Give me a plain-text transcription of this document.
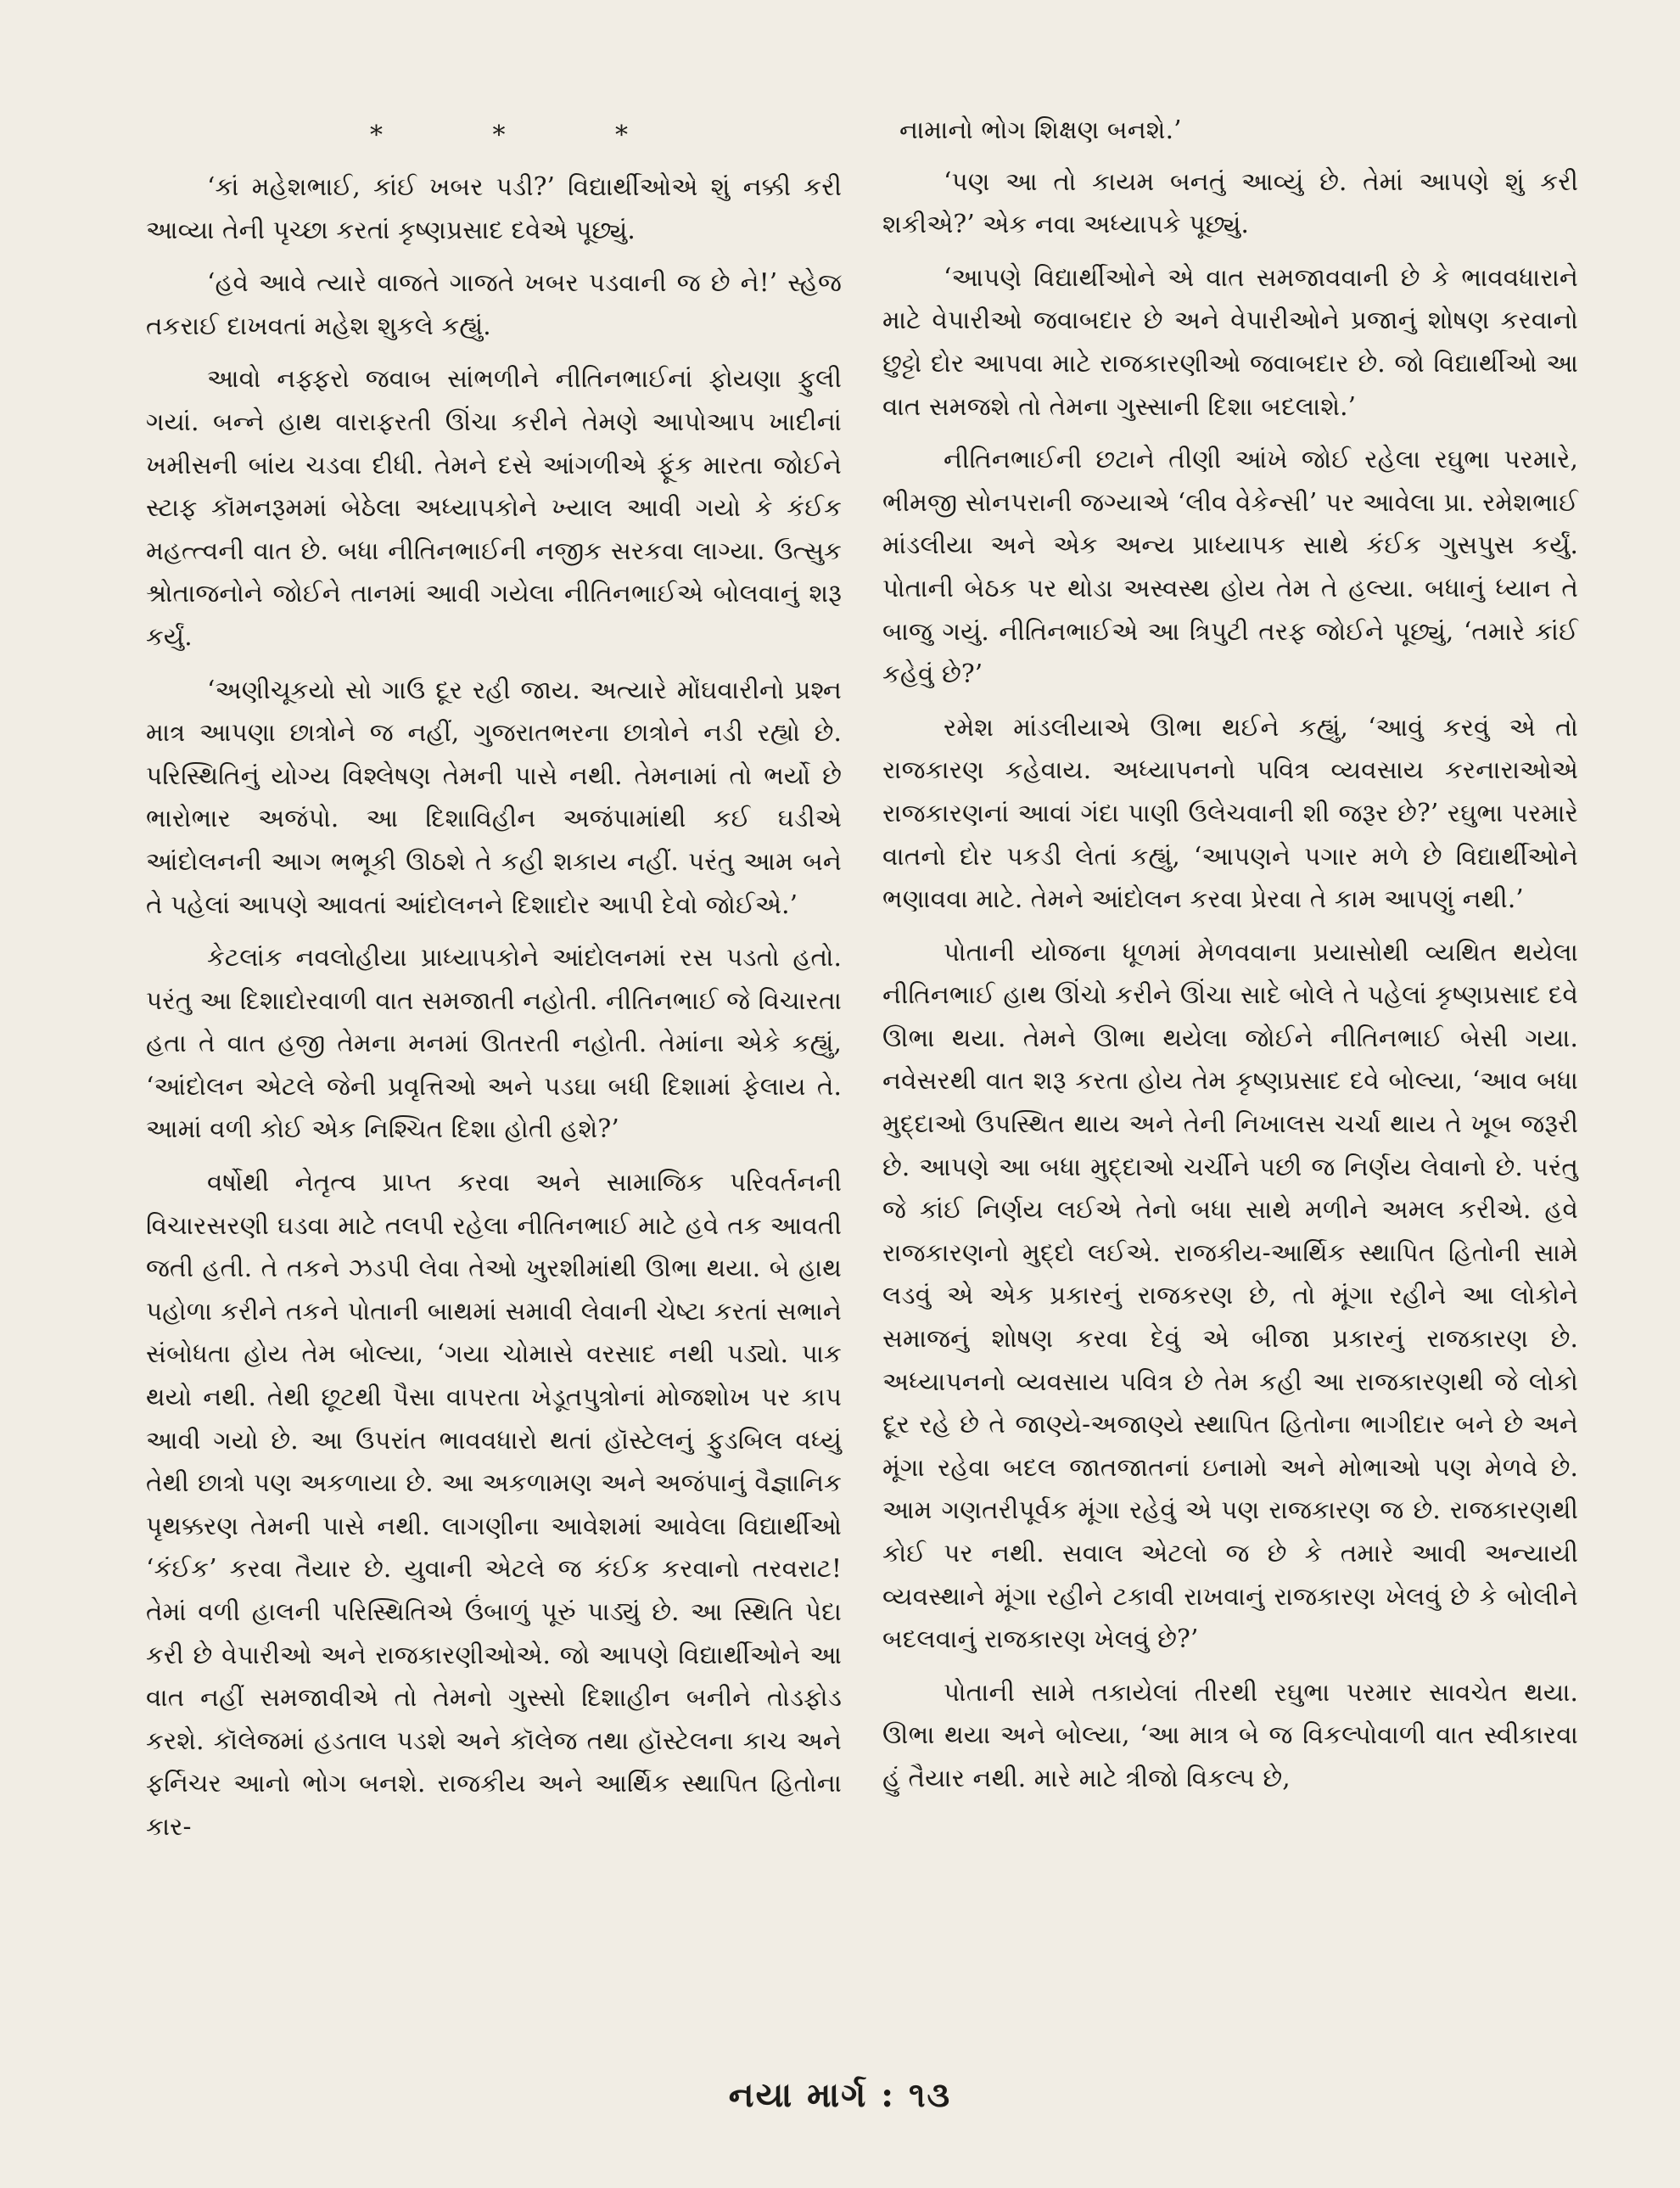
* * *

‘કાં મહેશભાઈ, કાંઈ ખબર પડી?’ વિદ્યાર્થીઓએ શું નક્કી કરી આવ્યા તેની પૃચ્છા કરતાં કૃષ્ણપ્રસાદ દવેએ પૂછ્યું.

‘હવે આવે ત્યારે વાજતે ગાજતે ખબર પડવાની જ છે ને!’ સ્હેજ તકરાઈ દાખવતાં મહેશ શુકલે કહ્યું.

આવો નફ્ફરો જવાબ સાંભળીને નીતિનભાઈનાં ફોયણા ફુલી ગયાં. બન્ને હાથ વારાફરતી ઊંચા કરીને તેમણે આપોઆપ ખાદીનાં ખમીસની બાંય ચડવા દીધી. તેમને દસે આંગળીએ ફૂંક મારતા જોઈને સ્ટાફ કૉમનરૂમમાં બેઠેલા અધ્યાપકોને ખ્યાલ આવી ગયો કે કંઈક મહત્ત્વની વાત છે. બધા નીતિનભાઈની નજીક સરકવા લાગ્યા. ઉત્સુક શ્રોતાજનોને જોઈને તાનમાં આવી ગયેલા નીતિનભાઈએ બોલવાનું શરૂ કર્યું.

‘અણીચૂકયો સો ગાઉ દૂર રહી જાય. અત્યારે મોંઘવારીનો પ્રશ્ન માત્ર આપણા છાત્રોને જ નહીં, ગુજરાતભરના છાત્રોને નડી રહ્યો છે. પરિસ્થિતિનું યોગ્ય વિશ્લેષણ તેમની પાસે નથી. તેમનામાં તો ભર્યો છે ભારોભાર અજંપો. આ દિશાવિહીન અજંપામાંથી કઈ ઘડીએ આંદોલનની આગ ભભૂકી ઊઠશે તે કહી શકાય નહીં. પરંતુ આમ બને તે પહેલાં આપણે આવતાં આંદોલનને દિશાદોર આપી દેવો જોઈએ.’

કેટલાંક નવલોહીયા પ્રાધ્યાપકોને આંદોલનમાં રસ પડતો હતો. પરંતુ આ દિશાદોરવાળી વાત સમજાતી નહોતી. નીતિનભાઈ જે વિચારતા હતા તે વાત હજી તેમના મનમાં ઊતરતી નહોતી. તેમાંના એકે કહ્યું, ‘આંદોલન એટલે જેની પ્રવૃત્તિઓ અને પડઘા બધી દિશામાં ફેલાય તે. આમાં વળી કોઈ એક નિશ્ચિત દિશા હોતી હશે?’

વર્ષોથી નેતૃત્વ પ્રાપ્ત કરવા અને સામાજિક પરિવર્તનની વિચારસરણી ઘડવા માટે તલપી રહેલા નીતિનભાઈ માટે હવે તક આવતી જતી હતી. તે તકને ઝડપી લેવા તેઓ ખુરશીમાંથી ઊભા થયા. બે હાથ પહોળા કરીને તકને પોતાની બાથમાં સમાવી લેવાની ચેષ્ટા કરતાં સભાને સંબોધતા હોય તેમ બોલ્યા, ‘ગયા ચોમાસે વરસાદ નથી પડ્યો. પાક થયો નથી. તેથી છૂટથી પૈસા વાપરતા ખેડૂતપુત્રોનાં મોજશોખ પર કાપ આવી ગયો છે. આ ઉપરાંત ભાવવધારો થતાં હૉસ્ટેલનું ફુડબિલ વધ્યું તેથી છાત્રો પણ અકળાયા છે. આ અકળામણ અને અજંપાનું વૈજ્ઞાનિક પૃથક્કરણ તેમની પાસે નથી. લાગણીના આવેશમાં આવેલા વિદ્યાર્થીઓ ‘કંઈક’ કરવા તૈયાર છે. યુવાની એટલે જ કંઈક કરવાનો તરવરાટ! તેમાં વળી હાલની પરિસ્થિતિએ ઉંબાળું પૂરું પાડ્યું છે. આ સ્થિતિ પેદા કરી છે વેપારીઓ અને રાજકારણીઓએ. જો આપણે વિદ્યાર્થીઓને આ વાત નહીં સમજાવીએ તો તેમનો ગુસ્સો દિશાહીન બનીને તોડફોડ કરશે. કૉલેજમાં હડતાલ પડશે અને કૉલેજ તથા હૉસ્ટેલના કાચ અને ફર્નિચર આનો ભોગ બનશે. રાજકીય અને આર્થિક સ્થાપિત હિતોના કાર-

નામાનો ભોગ શિક્ષણ બનશે.’

‘પણ આ તો કાયમ બનતું આવ્યું છે. તેમાં આપણે શું કરી શકીએ?’ એક નવા અધ્યાપકે પૂછ્યું.

‘આપણે વિદ્યાર્થીઓને એ વાત સમજાવવાની છે કે ભાવવધારાને માટે વેપારીઓ જવાબદાર છે અને વેપારીઓને પ્રજાનું શોષણ કરવાનો છુટ્ટો દોર આપવા માટે રાજકારણીઓ જવાબદાર છે. જો વિદ્યાર્થીઓ આ વાત સમજશે તો તેમના ગુસ્સાની દિશા બદલાશે.’

નીતિનભાઈની છટાને તીણી આંખે જોઈ રહેલા રઘુભા પરમારે, ભીમજી સોનપરાની જગ્યાએ ‘લીવ વેકેન્સી’ પર આવેલા પ્રા. રમેશભાઈ માંડલીયા અને એક અન્ય પ્રાધ્યાપક સાથે કંઈક ગુસપુસ કર્યું. પોતાની બેઠક પર થોડા અસ્વસ્થ હોય તેમ તે હલ્યા. બધાનું ધ્યાન તે બાજુ ગયું. નીતિનભાઈએ આ ત્રિપુટી તરફ જોઈને પૂછ્યું, ‘તમારે કાંઈ કહેવું છે?’

રમેશ માંડલીયાએ ઊભા થઈને કહ્યું, ‘આવું કરવું એ તો રાજકારણ કહેવાય. અધ્યાપનનો પવિત્ર વ્યવસાય કરનારાઓએ રાજકારણનાં આવાં ગંદા પાણી ઉલેચવાની શી જરૂર છે?’ રઘુભા પરમારે વાતનો દોર પકડી લેતાં કહ્યું, ‘આપણને પગાર મળે છે વિદ્યાર્થીઓને ભણાવવા માટે. તેમને આંદોલન કરવા પ્રેરવા તે કામ આપણું નથી.’

પોતાની યોજના ધૂળમાં મેળવવાના પ્રયાસોથી વ્યથિત થયેલા નીતિનભાઈ હાથ ઊંચો કરીને ઊંચા સાદે બોલે તે પહેલાં કૃષ્ણપ્રસાદ દવે ઊભા થયા. તેમને ઊભા થયેલા જોઈને નીતિનભાઈ બેસી ગયા. નવેસરથી વાત શરૂ કરતા હોય તેમ કૃષ્ણપ્રસાદ દવે બોલ્યા, ‘આવ બધા મુદ્દાઓ ઉપસ્થિત થાય અને તેની નિખાલસ ચર્ચા થાય તે ખૂબ જરૂરી છે. આપણે આ બધા મુદ્દાઓ ચર્ચીને પછી જ નિર્ણય લેવાનો છે. પરંતુ જે કાંઈ નિર્ણય લઈએ તેનો બધા સાથે મળીને અમલ કરીએ. હવે રાજકારણનો મુદ્દો લઈએ. રાજકીય-આર્થિક સ્થાપિત હિતોની સામે લડવું એ એક પ્રકારનું રાજકરણ છે, તો મૂંગા રહીને આ લોકોને સમાજનું શોષણ કરવા દેવું એ બીજા પ્રકારનું રાજકારણ છે. અધ્યાપનનો વ્યવસાય પવિત્ર છે તેમ કહી આ રાજકારણથી જે લોકો દૂર રહે છે તે જાણ્યે-અજાણ્યે સ્થાપિત હિતોના ભાગીદાર બને છે અને મૂંગા રહેવા બદલ જાતજાતનાં ઇનામો અને મોભાઓ પણ મેળવે છે. આમ ગણતરીપૂર્વક મૂંગા રહેવું એ પણ રાજકારણ જ છે. રાજકારણથી કોઈ પર નથી. સવાલ એટલો જ છે કે તમારે આવી અન્યાયી વ્યવસ્થાને મૂંગા રહીને ટકાવી રાખવાનું રાજકારણ ખેલવું છે કે બોલીને બદલવાનું રાજકારણ ખેલવું છે?’

પોતાની સામે તકાયેલાં તીરથી રઘુભા પરમાર સાવચેત થયા. ઊભા થયા અને બોલ્યા, ‘આ માત્ર બે જ વિકલ્પોવાળી વાત સ્વીકારવા હું તૈયાર નથી. મારે માટે ત્રીજો વિકલ્પ છે,

નયા માર્ગ : ૧૩
